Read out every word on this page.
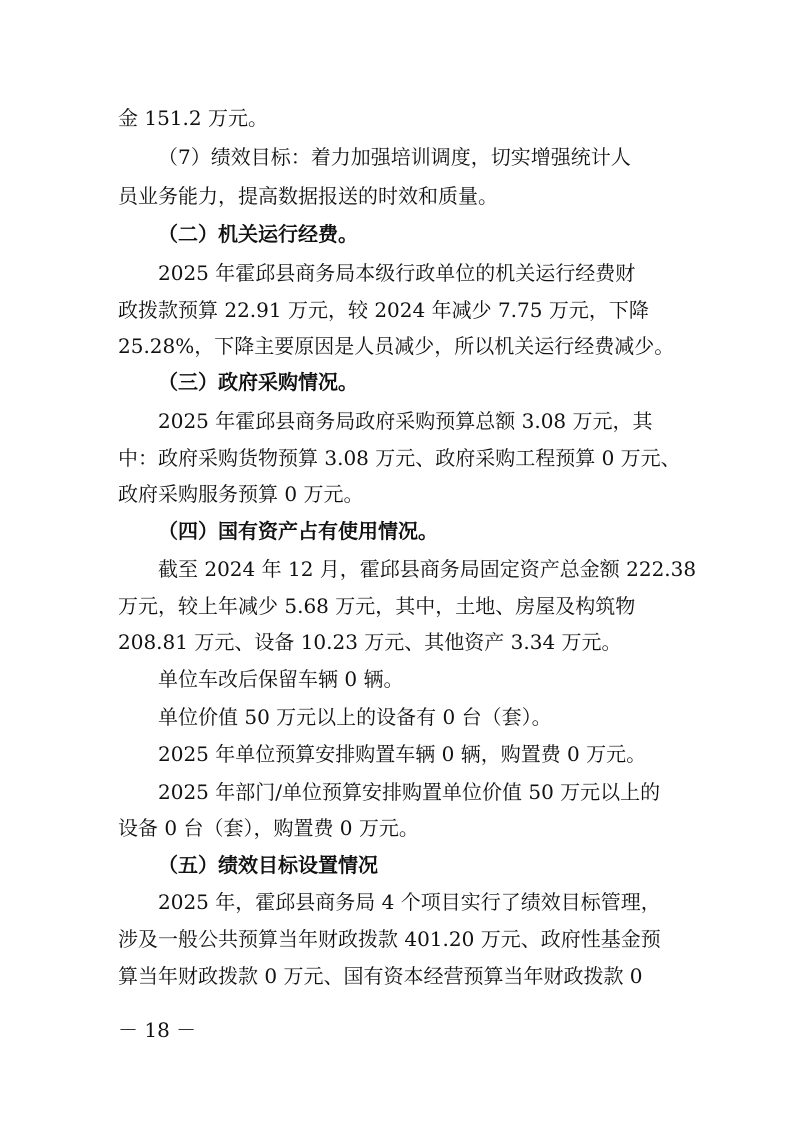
金 151.2 万元。
（7）绩效目标：着力加强培训调度，切实增强统计人
员业务能力，提高数据报送的时效和质量。
（二）机关运行经费。
2025 年霍邱县商务局本级行政单位的机关运行经费财
政拨款预算 22.91 万元，较 2024 年减少 7.75 万元，下降
25.28%，下降主要原因是人员减少，所以机关运行经费减少。
（三）政府采购情况。
2025 年霍邱县商务局政府采购预算总额 3.08 万元，其
中：政府采购货物预算 3.08 万元、政府采购工程预算 0 万元、
政府采购服务预算 0 万元。
（四）国有资产占有使用情况。
截至 2024 年 12 月，霍邱县商务局固定资产总金额 222.38
万元，较上年减少 5.68 万元，其中，土地、房屋及构筑物
208.81 万元、设备 10.23 万元、其他资产 3.34 万元。
单位车改后保留车辆 0 辆。
单位价值 50 万元以上的设备有 0 台（套）。
2025 年单位预算安排购置车辆 0 辆，购置费 0 万元。
2025 年部门/单位预算安排购置单位价值 50 万元以上的
设备 0 台（套），购置费 0 万元。
（五）绩效目标设置情况
2025 年，霍邱县商务局 4 个项目实行了绩效目标管理，
涉及一般公共预算当年财政拨款 401.20 万元、政府性基金预
算当年财政拨款 0 万元、国有资本经营预算当年财政拨款 0
－ 18 －
